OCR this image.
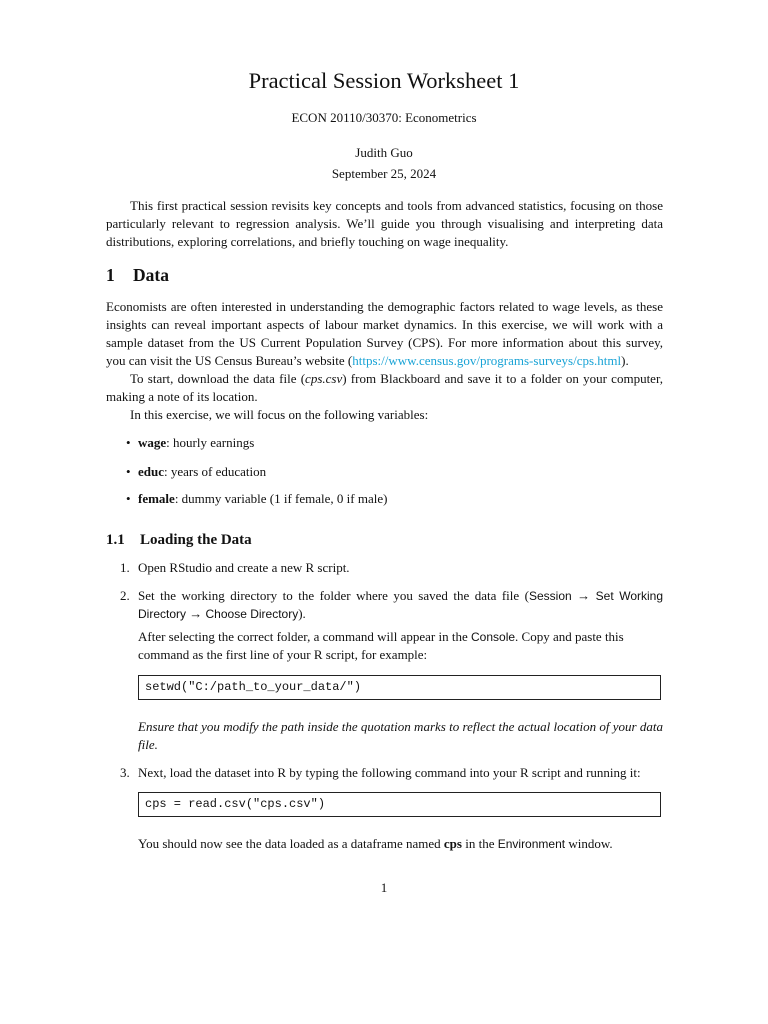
Practical Session Worksheet 1
ECON 20110/30370: Econometrics
Judith Guo
September 25, 2024

This first practical session revisits key concepts and tools from advanced statistics, focusing on those particularly relevant to regression analysis. We’ll guide you through visualising and interpreting data distributions, exploring correlations, and briefly touching on wage inequality.

1 Data

Economists are often interested in understanding the demographic factors related to wage levels, as these insights can reveal important aspects of labour market dynamics. In this exercise, we will work with a sample dataset from the US Current Population Survey (CPS). For more information about this survey, you can visit the US Census Bureau’s website (https://www.census.gov/programs-surveys/cps.html).

To start, download the data file (cps.csv) from Blackboard and save it to a folder on your computer, making a note of its location.

In this exercise, we will focus on the following variables:

• wage: hourly earnings
• educ: years of education
• female: dummy variable (1 if female, 0 if male)
1.1 Loading the Data
1. Open RStudio and create a new R script.
2. Set the working directory to the folder where you saved the data file (Session → Set Working Directory → Choose Directory).
After selecting the correct folder, a command will appear in the Console. Copy and paste this command as the first line of your R script, for example:
setwd("C:/path_to_your_data/")
Ensure that you modify the path inside the quotation marks to reflect the actual location of your data file.
3. Next, load the dataset into R by typing the following command into your R script and running it:
cps = read.csv("cps.csv")
You should now see the data loaded as a dataframe named cps in the Environment window.
1
